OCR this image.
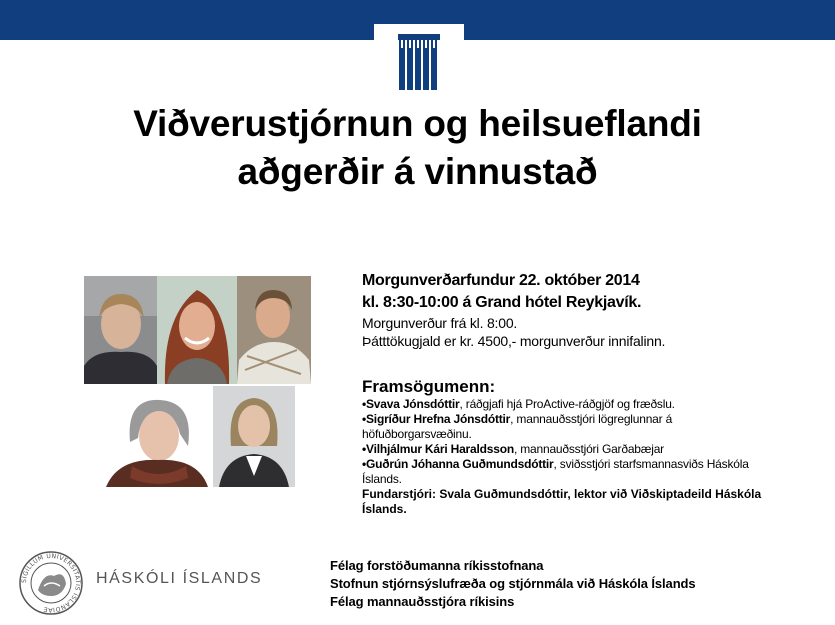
Viðverustjórnun og heilsueflandi
aðgerðir á vinnustað
Morgunverðarfundur 22. október 2014
kl. 8:30-10:00 á Grand hótel Reykjavík.
Morgunverður frá kl. 8:00.
Þátttökugjald er kr. 4500,- morgunverður innifalinn.
Framsögumenn:
•Svava Jónsdóttir, ráðgjafi hjá ProActive-ráðgjöf og fræðslu.
•Sigríður Hrefna Jónsdóttir, mannauðsstjóri lögreglunnar á höfuðborgarsvæðinu.
•Vilhjálmur Kári Haraldsson, mannauðsstjóri Garðabæjar
•Guðrún Jóhanna Guðmundsdóttir, sviðsstjóri starfsmannasviðs Háskóla Íslands.
Fundarstjóri: Svala Guðmundsdóttir, lektor við Viðskiptadeild Háskóla Íslands.
Félag forstöðumanna ríkisstofnana
Stofnun stjórnsýslufræða og stjórnmála við Háskóla Íslands
Félag mannauðsstjóra ríkisins
SIGILLUM UNIVERSITATIS ISLANDIAE
HÁSKÓLI ÍSLANDS
